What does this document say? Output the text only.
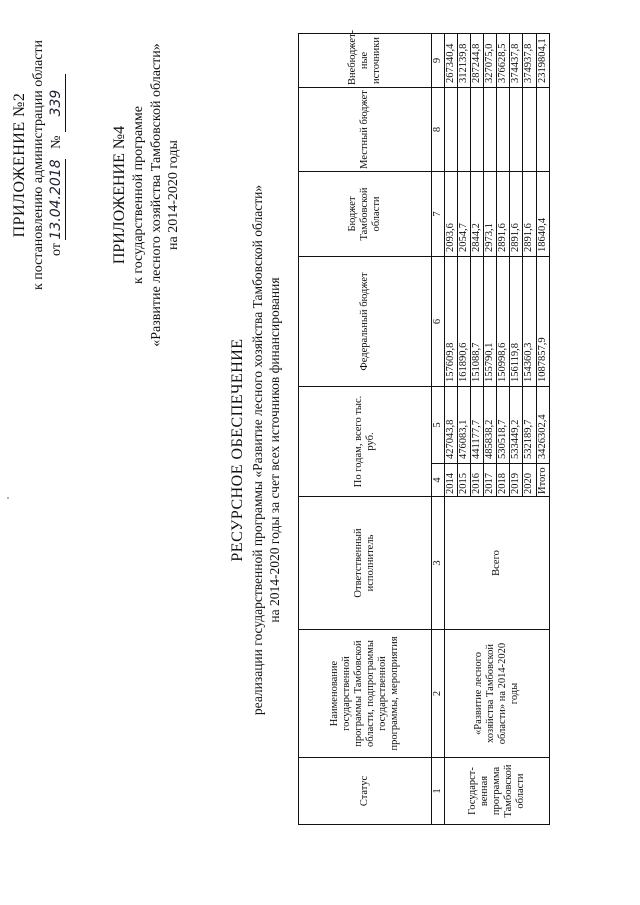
ПРИЛОЖЕНИЕ №2 к постановлению администрации области от 13.04.2018   № 339
ПРИЛОЖЕНИЕ №4 к государственной программе «Развитие лесного хозяйства Тамбовской области» на 2014-2020 годы
РЕСУРСНОЕ ОБЕСПЕЧЕНИЕ реализации государственной программы «Развитие лесного хозяйства Тамбовской области» на 2014-2020 годы за счет всех источников финансирования
Статус	Наименование государственной программы Тамбовской области, подпрограммы государственной программы, мероприятия	Ответственный исполнитель	По годам, всего тыс. руб.		Федеральный бюджет	Бюджет Тамбовской области	Местный бюджет	Внебюджет-ные источники
1	2	3	4	5	6	7	8	9
Государст-венная программа Тамбовской области	«Развитие лесного хозяйства Тамбовской области» на 2014-2020 годы	Всего	2014	427043,8	157609,8	2093,6		267340,4
			2015	476083,1	161890,6	2054,7		312139,8
			2016	441177,7	151088,7	2844,2		287244,8
			2017	485838,2	155790,1	2973,1		327075,0
			2018	530518,7	150998,6	2891,6		376628,5
			2019	533449,2	156119,8	2891,6		374437,8
			2020	532189,7	154360,3	2891,6		374937,8
			Итого	3426302,4	1087857,9	18640,4		2319804,1
